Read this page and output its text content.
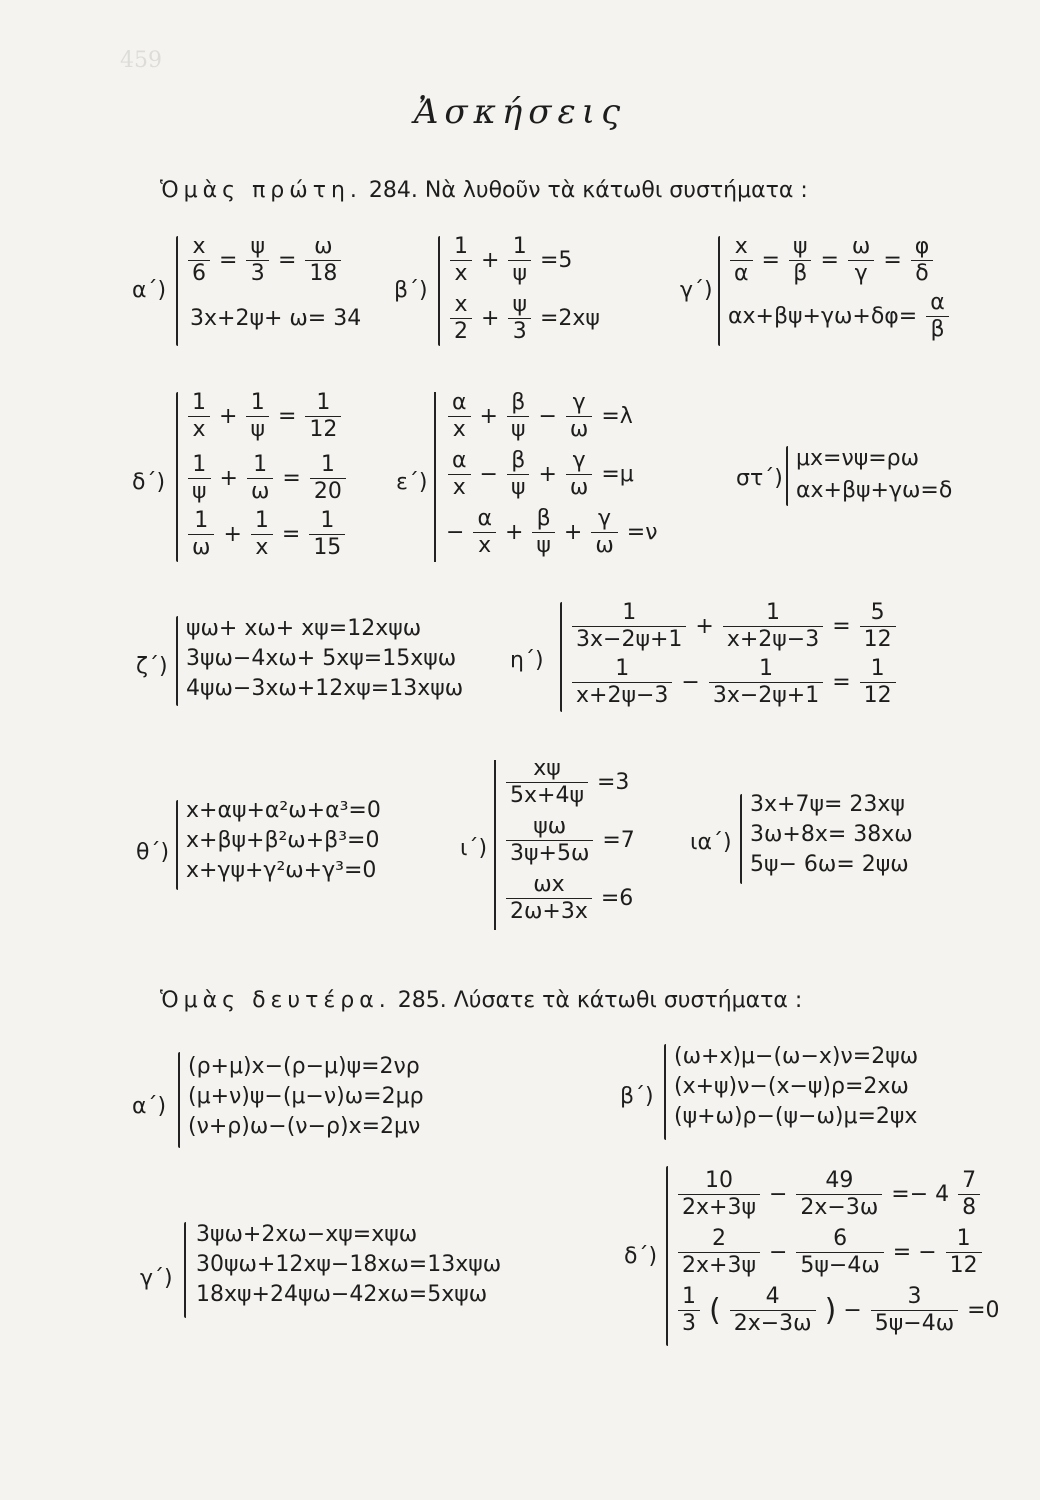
459
Ἀσκήσεις
Ὁμὰς πρώτη. 284. Νὰ λυθοῦν τὰ κάτωθι συστήματα :
α΄)
$\frac{x}{6} = \frac{\psi}{3} = \frac{\omega}{18}$
3x+2ψ+ ω= 34
β΄)
$\frac{1}{x} + \frac{1}{\psi} =5$
$\frac{x}{2} + \frac{\psi}{3} =2x\psi$
γ΄)
$\frac{x}{\alpha} = \frac{\psi}{\beta} = \frac{\omega}{\gamma} = \frac{\varphi}{\delta}$
$\alpha x+\beta\psi+\gamma\omega+\delta\varphi= \frac{\alpha}{\beta}$
δ΄)
$\frac{1}{x} + \frac{1}{\psi} = \frac{1}{12}$
$\frac{1}{\psi} + \frac{1}{\omega} = \frac{1}{20}$
$\frac{1}{\omega} + \frac{1}{x} = \frac{1}{15}$
ε΄)
$\frac{\alpha}{x} + \frac{\beta}{\psi} - \frac{\gamma}{\omega} =\lambda$
$\frac{\alpha}{x} - \frac{\beta}{\psi} + \frac{\gamma}{\omega} =\mu$
− $\frac{\alpha}{x} + \frac{\beta}{\psi} + \frac{\gamma}{\omega} =\nu$
στ΄)
μx=νψ=ρω
αx+βψ+γω=δ
ζ΄)
ψω+ xω+ xψ=12xψω
3ψω−4xω+ 5xψ=15xψω
4ψω−3xω+12xψ=13xψω
η΄)
$\frac{1}{3x-2\psi+1} + \frac{1}{x+2\psi-3} = \frac{5}{12}$
$\frac{1}{x+2\psi-3} - \frac{1}{3x-2\psi+1} = \frac{1}{12}$
θ΄)
x+αψ+α²ω+α³=0
x+βψ+β²ω+β³=0
x+γψ+γ²ω+γ³=0
ι΄)
$\frac{x\psi}{5x+4\psi} =3$
$\frac{\psi\omega}{3\psi+5\omega} =7$
$\frac{\omega x}{2\omega+3x} =6$
ια΄)
3x+7ψ= 23xψ
3ω+8x= 38xω
5ψ− 6ω= 2ψω
Ὁμὰς δευτέρα. 285. Λύσατε τὰ κάτωθι συστήματα :
α΄)
(ρ+μ)x−(ρ−μ)ψ=2νρ
(μ+ν)ψ−(μ−ν)ω=2μρ
(ν+ρ)ω−(ν−ρ)x=2μν
β΄)
(ω+x)μ−(ω−x)ν=2ψω
(x+ψ)ν−(x−ψ)ρ=2xω
(ψ+ω)ρ−(ψ−ω)μ=2ψx
γ΄)
3ψω+2xω−xψ=xψω
30ψω+12xψ−18xω=13xψω
18xψ+24ψω−42xω=5xψω
δ΄)
$\frac{10}{2x+3\psi} - \frac{49}{2x-3\omega} =- 4 \frac{7}{8}$
$\frac{2}{2x+3\psi} - \frac{6}{5\psi-4\omega}$ = − $\frac{1}{12}$
$\frac{1}{3}$ ( $\frac{4}{2x-3\omega}$ ) − $\frac{3}{5\psi-4\omega} =0$
